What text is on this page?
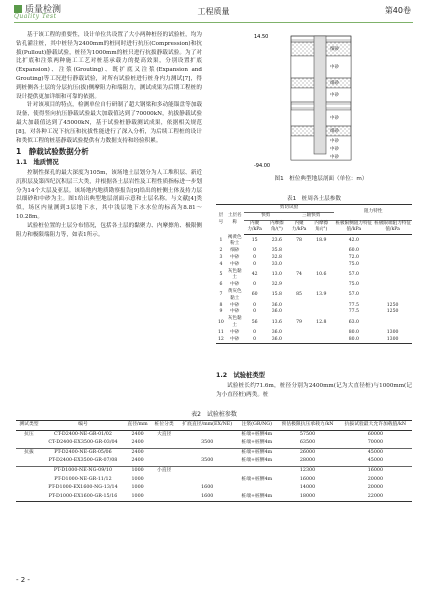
质量检测
Quality Test
工程质量	第40卷

基于该工程的重要性，设计单位共设置了大小两种桩径的试验桩，均为钻孔灌注桩，其中桩径为2400mm的桩同时进行抗压(Compression)和抗拔(Pullout)静载试验，桩径为1000mm的桩只进行抗拔静载试验。为了对比扩底和注浆两种施工工艺对桩基承载力的提高效果，分别设置扩底(Expansion)、注浆(Grouting)、既扩底又注浆(Expansion and Grouting)等工况进行静载试验，对所有试验桩进行桩身内力测试[7]，得到桩侧各土层的分层抗压(拔)侧摩阻力和端阻力，测试成果为后期工程桩的设计提供更加详细和可靠的依据。

针对该项目的特点，检测单位自行研制了超大钢梁和多动能锚盘等加载设备，使得竖向抗压静载试验最大加载值达到了70000kN，抗拔静载试验最大加载值达到了45000kN，基于试验桩静载测试成果，依据相关规范[8]，对各种工况下抗压和抗拔性能进行了深入分析，为后续工程桩的设计和类似工程的桩基静载试验提供有力数据支持和经验积累。

1　静载试验数据分析
1.1　地质情况

控制性探孔的最大深度为105m，该场地土层划分为人工堆积层、新近沉积层及第四纪沉积层三大类，并根据各土层岩性及工程性质指标进一步划分为14个大层及亚层。该场地内地质勘察报告[9]给出的桩侧土体及持力层以细砂和中砂为主。图1给出典型地层剖面示意和土层名称。与文献[4]类似，场区内量测到3层地下水，其中浅层地下水水位的标高为8.81～10.28m。

试验桩位置的土层分布情况，包括各土层的黏聚力、内摩擦角、极限侧阻力和极限端阻力等，如表1所示。

14.50
-94.00
细砂
中砂
细砂
中砂
中砂
细砂
中砂
中砂
中砂
图1　桩位典型地层剖面（单位：m）
表1　桩周各土层参数
层号	土层名称	剪切试验					阻力特性	
		快剪		三轴快剪				
		内聚力/kPa	内摩擦角/(°)	内聚力/kPa	内摩擦角/(°)		桩极限侧阻力特征值/kPa	桩极限端阻力特征值/kPa
1	褐黄色粉土	15	23.6	78	18.9		42.0	
2	细砂	0	35.8				60.0	
3	中砂	0	32.8				72.0	
4	中砂	0	33.0				75.0	
5	灰色黏土	42	13.0	74	10.6		57.0	
6	中砂	0	32.9				75.0	
7	黄灰色黏土	60	15.8	85	13.9		57.0	
8	中砂	0	36.0				77.5	1250
9	中砂	0	36.0				77.5	1250
10	灰色黏土	56	13.6	79	12.8		63.0	
11	中砂	0	36.0				80.0	1300
12	中砂	0	36.0				80.0	1300
1.2　试验桩类型

试验桩长约71.6m，桩径分别为2400mm(记为大直径桩)与1000mm(记为小直径桩)两类。桩

表2　试验桩参数
测试类型	编号	直径/mm	桩位分类	扩底直径/mm(EX/NE)	注浆(GR/NG)	预估极限抗压承载力/kN	抗拔试验最大允许加载值/kN
抗压	CT-D2400-NE-GR-01/02	2400	大直径		桩端+桩侧4m	57500	60000
	CT-D2400-EX3500-GR-03/04	2400		3500	桩端+桩侧4m	63500	70000
抗拔	PT-D2400-NE-GR-05/06	2400			桩端+桩侧4m	26000	45000
	PT-D2400-EX3500-GR-07/08	2400		3500	桩端+桩侧4m	28000	45000
	PT-D1000-NE-NG-09/10	1000	小直径			12300	16000
	PT-D1000-NE-GR-11/12	1000			桩端+桩侧4m	16000	20000
	PT-D1000-EX1600-NG-13/14	1000		1600		14000	20000
	PT-D1000-EX1600-GR-15/16	1000		1600	桩端+桩侧4m	18000	22000
- 2 -
